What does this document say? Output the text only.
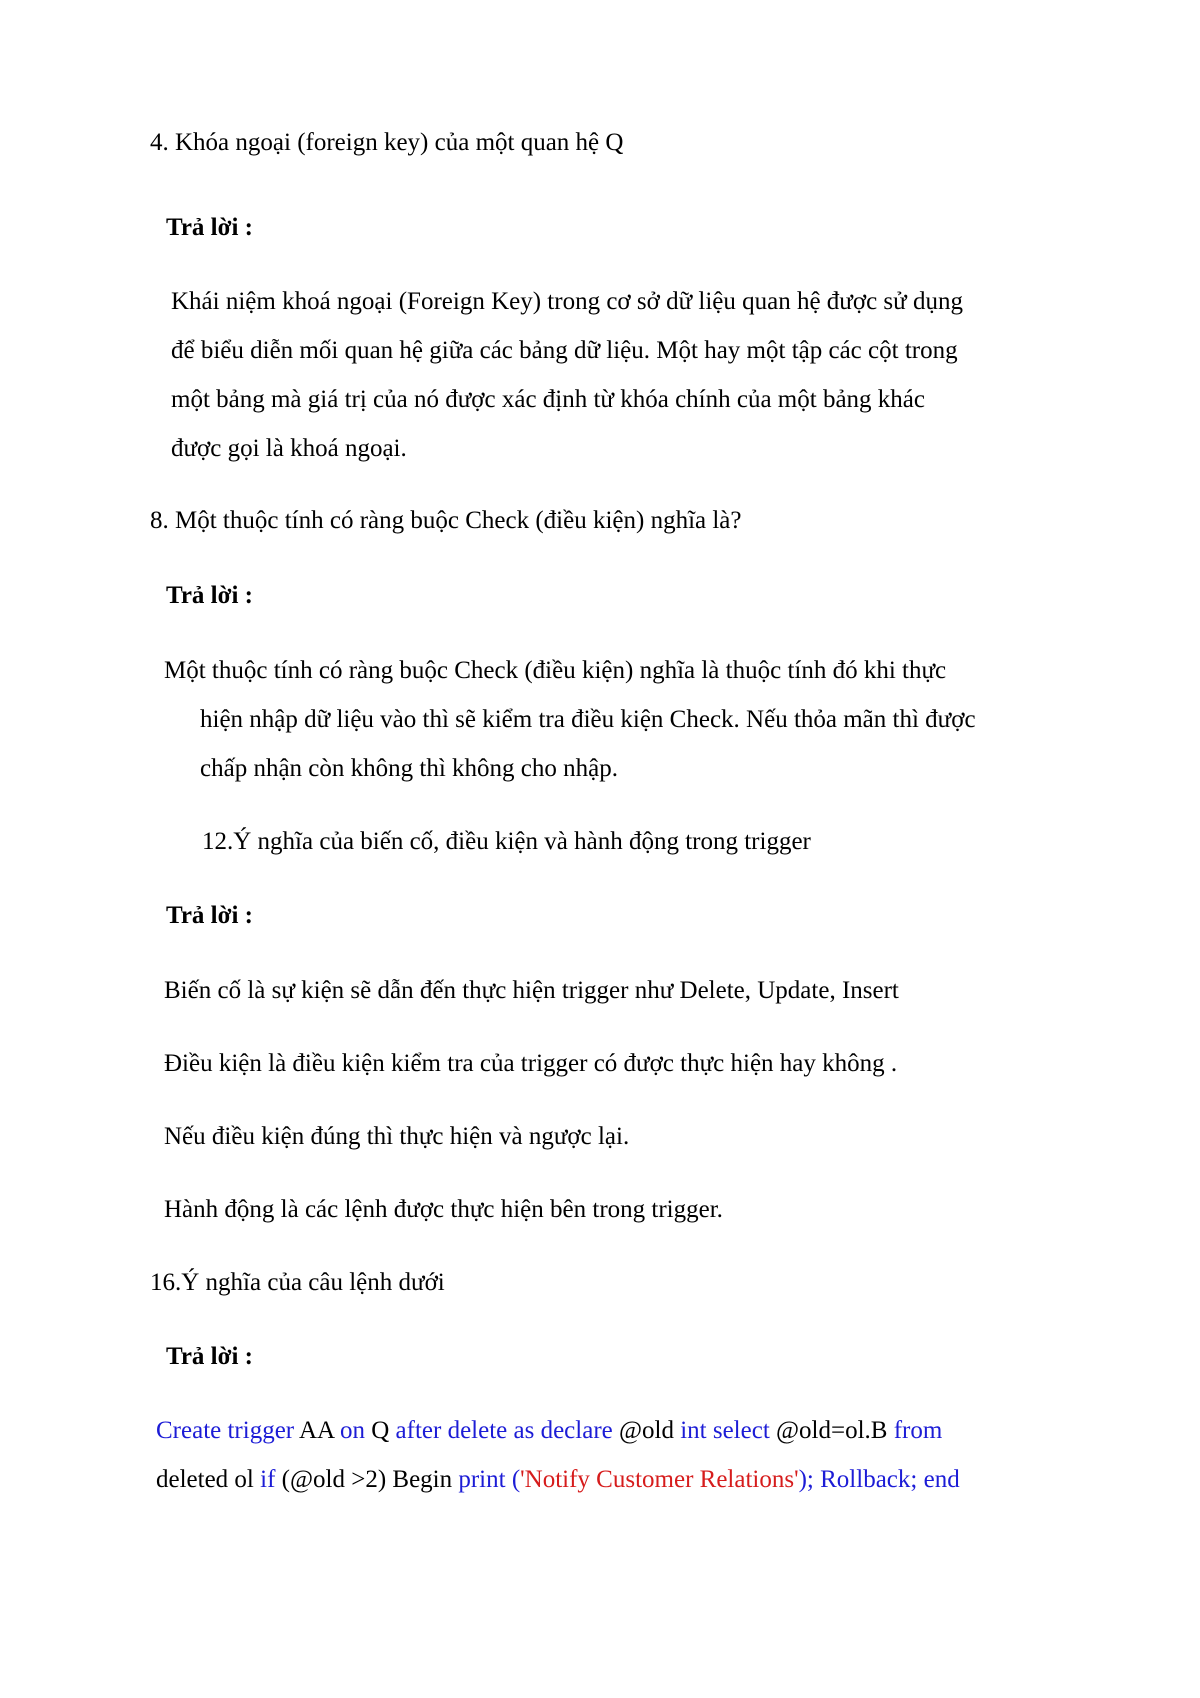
4. Khóa ngoại (foreign key) của một quan hệ Q

Trả lời :

Khái niệm khoá ngoại (Foreign Key) trong cơ sở dữ liệu quan hệ được sử dụng

để biểu diễn mối quan hệ giữa các bảng dữ liệu. Một hay một tập các cột trong

một bảng mà giá trị của nó được xác định từ khóa chính của một bảng khác

được gọi là khoá ngoại.

8. Một thuộc tính có ràng buộc Check (điều kiện) nghĩa là?

Trả lời :

Một thuộc tính có ràng buộc Check (điều kiện) nghĩa là thuộc tính đó khi thực

hiện nhập dữ liệu vào thì sẽ kiểm tra điều kiện Check. Nếu thỏa mãn thì được

chấp nhận còn không thì không cho nhập.

12.Ý nghĩa của biến cố, điều kiện và hành động trong trigger

Trả lời :

Biến cố là sự kiện sẽ dẫn đến thực hiện trigger như Delete, Update, Insert

Điều kiện là điều kiện kiểm tra của trigger có được thực hiện hay không .

Nếu điều kiện đúng thì thực hiện và ngược lại.

Hành động là các lệnh được thực hiện bên trong trigger.

16.Ý nghĩa của câu lệnh dưới

Trả lời :

Create trigger AA on Q after delete as declare @old int select @old=ol.B from

deleted ol if (@old >2) Begin print ('Notify Customer Relations'); Rollback; end
